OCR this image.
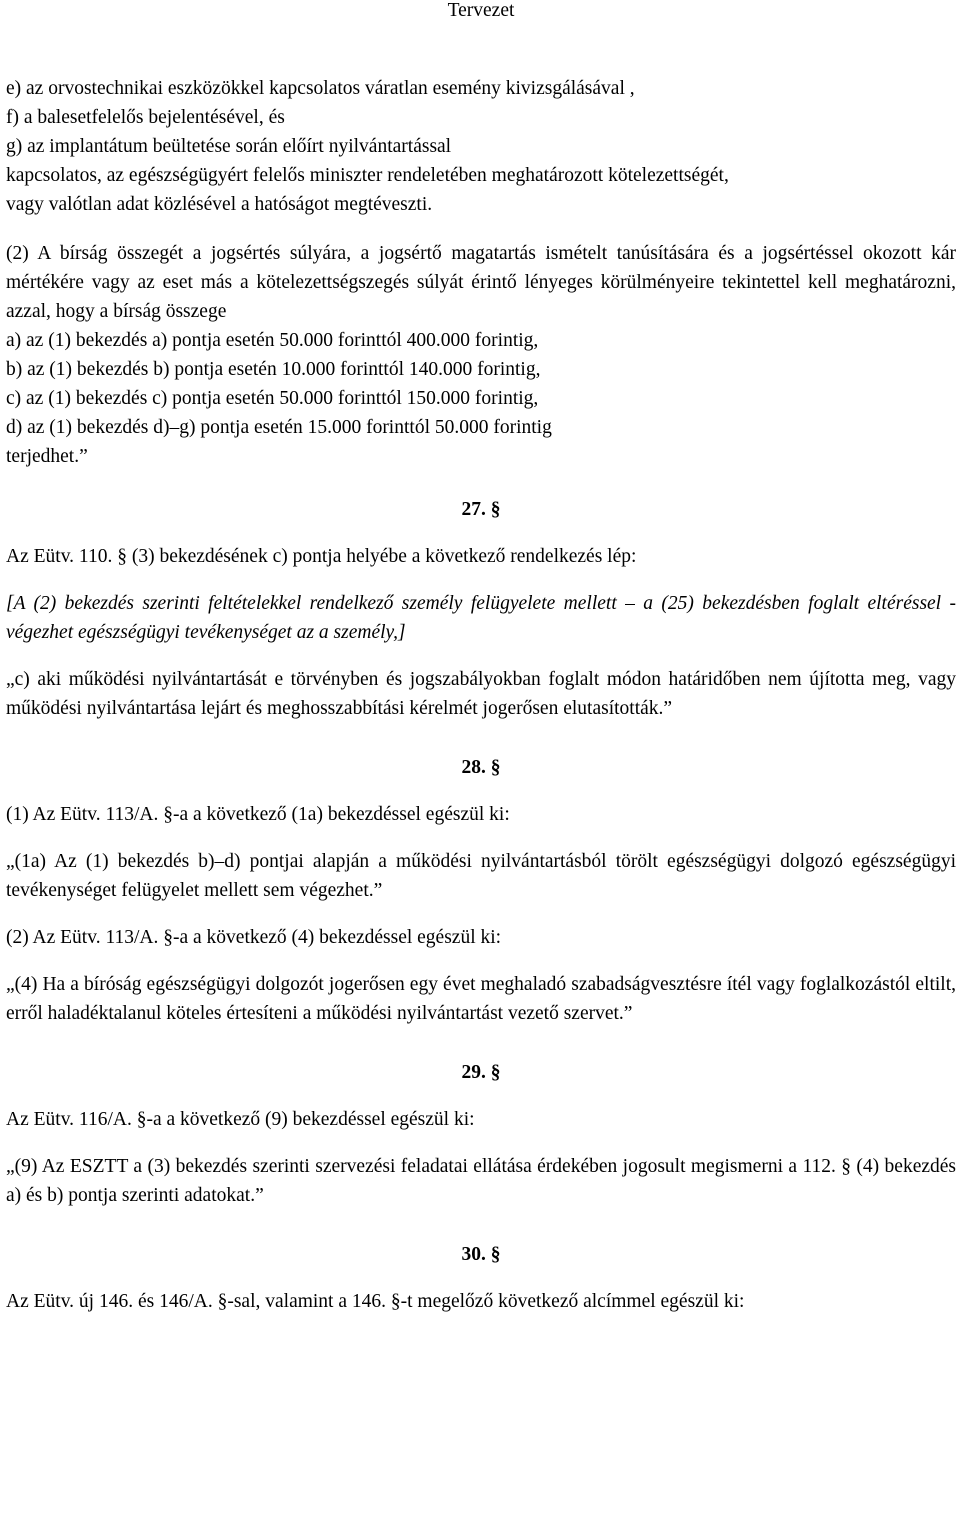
Tervezet

e) az orvostechnikai eszközökkel kapcsolatos váratlan esemény kivizsgálásával ,
f) a balesetfelelős bejelentésével, és
g) az implantátum beültetése során előírt nyilvántartással
kapcsolatos, az egészségügyért felelős miniszter rendeletében meghatározott kötelezettségét,
vagy valótlan adat közlésével a hatóságot megtéveszti.
(2) A bírság összegét a jogsértés súlyára, a jogsértő magatartás ismételt tanúsítására és a jogsértéssel okozott kár mértékére vagy az eset más a kötelezettségszegés súlyát érintő lényeges körülményeire tekintettel kell meghatározni, azzal, hogy a bírság összege
a) az (1) bekezdés a) pontja esetén 50.000 forinttól 400.000 forintig,
b) az (1) bekezdés b) pontja esetén 10.000 forinttól 140.000 forintig,
c) az (1) bekezdés c) pontja esetén 50.000 forinttól 150.000 forintig,
d) az (1) bekezdés d)–g) pontja esetén 15.000 forinttól 50.000 forintig
terjedhet.”

27. §

Az Eütv. 110. § (3) bekezdésének c) pontja helyébe a következő rendelkezés lép:

[A (2) bekezdés szerinti feltételekkel rendelkező személy felügyelete mellett – a (25) bekezdésben foglalt eltéréssel - végezhet egészségügyi tevékenységet az a személy,]

„c) aki működési nyilvántartását e törvényben és jogszabályokban foglalt módon határidőben nem újította meg, vagy működési nyilvántartása lejárt és meghosszabbítási kérelmét jogerősen elutasították.”

28. §

(1) Az Eütv. 113/A. §-a a következő (1a) bekezdéssel egészül ki:

„(1a) Az (1) bekezdés b)–d) pontjai alapján a működési nyilvántartásból törölt egészségügyi dolgozó egészségügyi tevékenységet felügyelet mellett sem végezhet.”

(2) Az Eütv. 113/A. §-a a következő (4) bekezdéssel egészül ki:

„(4) Ha a bíróság egészségügyi dolgozót jogerősen egy évet meghaladó szabadságvesztésre ítél vagy foglalkozástól eltilt, erről haladéktalanul köteles értesíteni a működési nyilvántartást vezető szervet.”

29. §

Az Eütv. 116/A. §-a a következő (9) bekezdéssel egészül ki:

„(9) Az ESZTT a (3) bekezdés szerinti szervezési feladatai ellátása érdekében jogosult megismerni a 112. § (4) bekezdés a) és b) pontja szerinti adatokat.”

30. §

Az Eütv. új 146. és 146/A. §-sal, valamint a 146. §-t megelőző következő alcímmel egészül ki:
